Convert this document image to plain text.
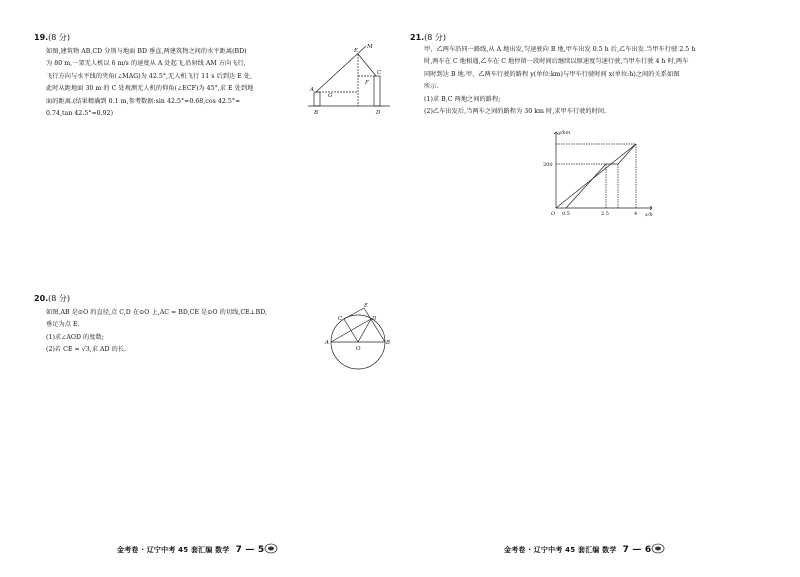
19.(8 分)

如图,建筑物 AB,CD 分别与地面 BD 垂直,两建筑物之间的水平距离(BD)

为 80 m,一架无人机以 6 m/s 的速度从 A 处起飞,沿射线 AM 方向飞行,

飞行方向与水平线的夹角(∠MAG)为 42.5°,无人机飞行 11 s 后到达 E 处,

此时从距地面 30 m 的 C 处观测无人机的仰角(∠ECF)为 45°,求 E 处到地

面的距离.(结果精确到 0.1 m,参考数据:sin 42.5°≈0.68,cos 42.5°≈

0.74,tan 42.5°≈0.92)

E
M
A
G
F
C
B	D
20.(8 分)

如图,AB 是⊙O 的直径,点 C,D 在⊙O 上,AC = BD,CE 是⊙O 的切线,CE⊥BD,

垂足为点 E.

(1)求∠AOD 的度数;

(2)若 CE = √3,求 AD 的长.

E
C	D
A
O
B
金考卷 · 辽宁中考 45 套汇编 数学 7 — 5
21.(8 分)

甲、乙两车沿同一路线,从 A 地出发,匀速驶向 B 地,甲车出发 0.5 h 后,乙车出发.当甲车行驶 2.5 h

时,两车在 C 地相遇,乙车在 C 地停留一段时间后继续以原速度匀速行驶,当甲车行驶 4 h 时,两车

同时到达 B 地.甲、乙两车行驶的路程 y(单位:km)与甲车行驶时间 x(单位:h)之间的关系如图

所示.

(1)求 B,C 两地之间的路程;

(2)乙车出发后,当两车之间的路程为 30 km 时,求甲车行驶的时间.

y/km
x/h
O
200
0.5	2.5	4
金考卷 · 辽宁中考 45 套汇编 数学 7 — 6
